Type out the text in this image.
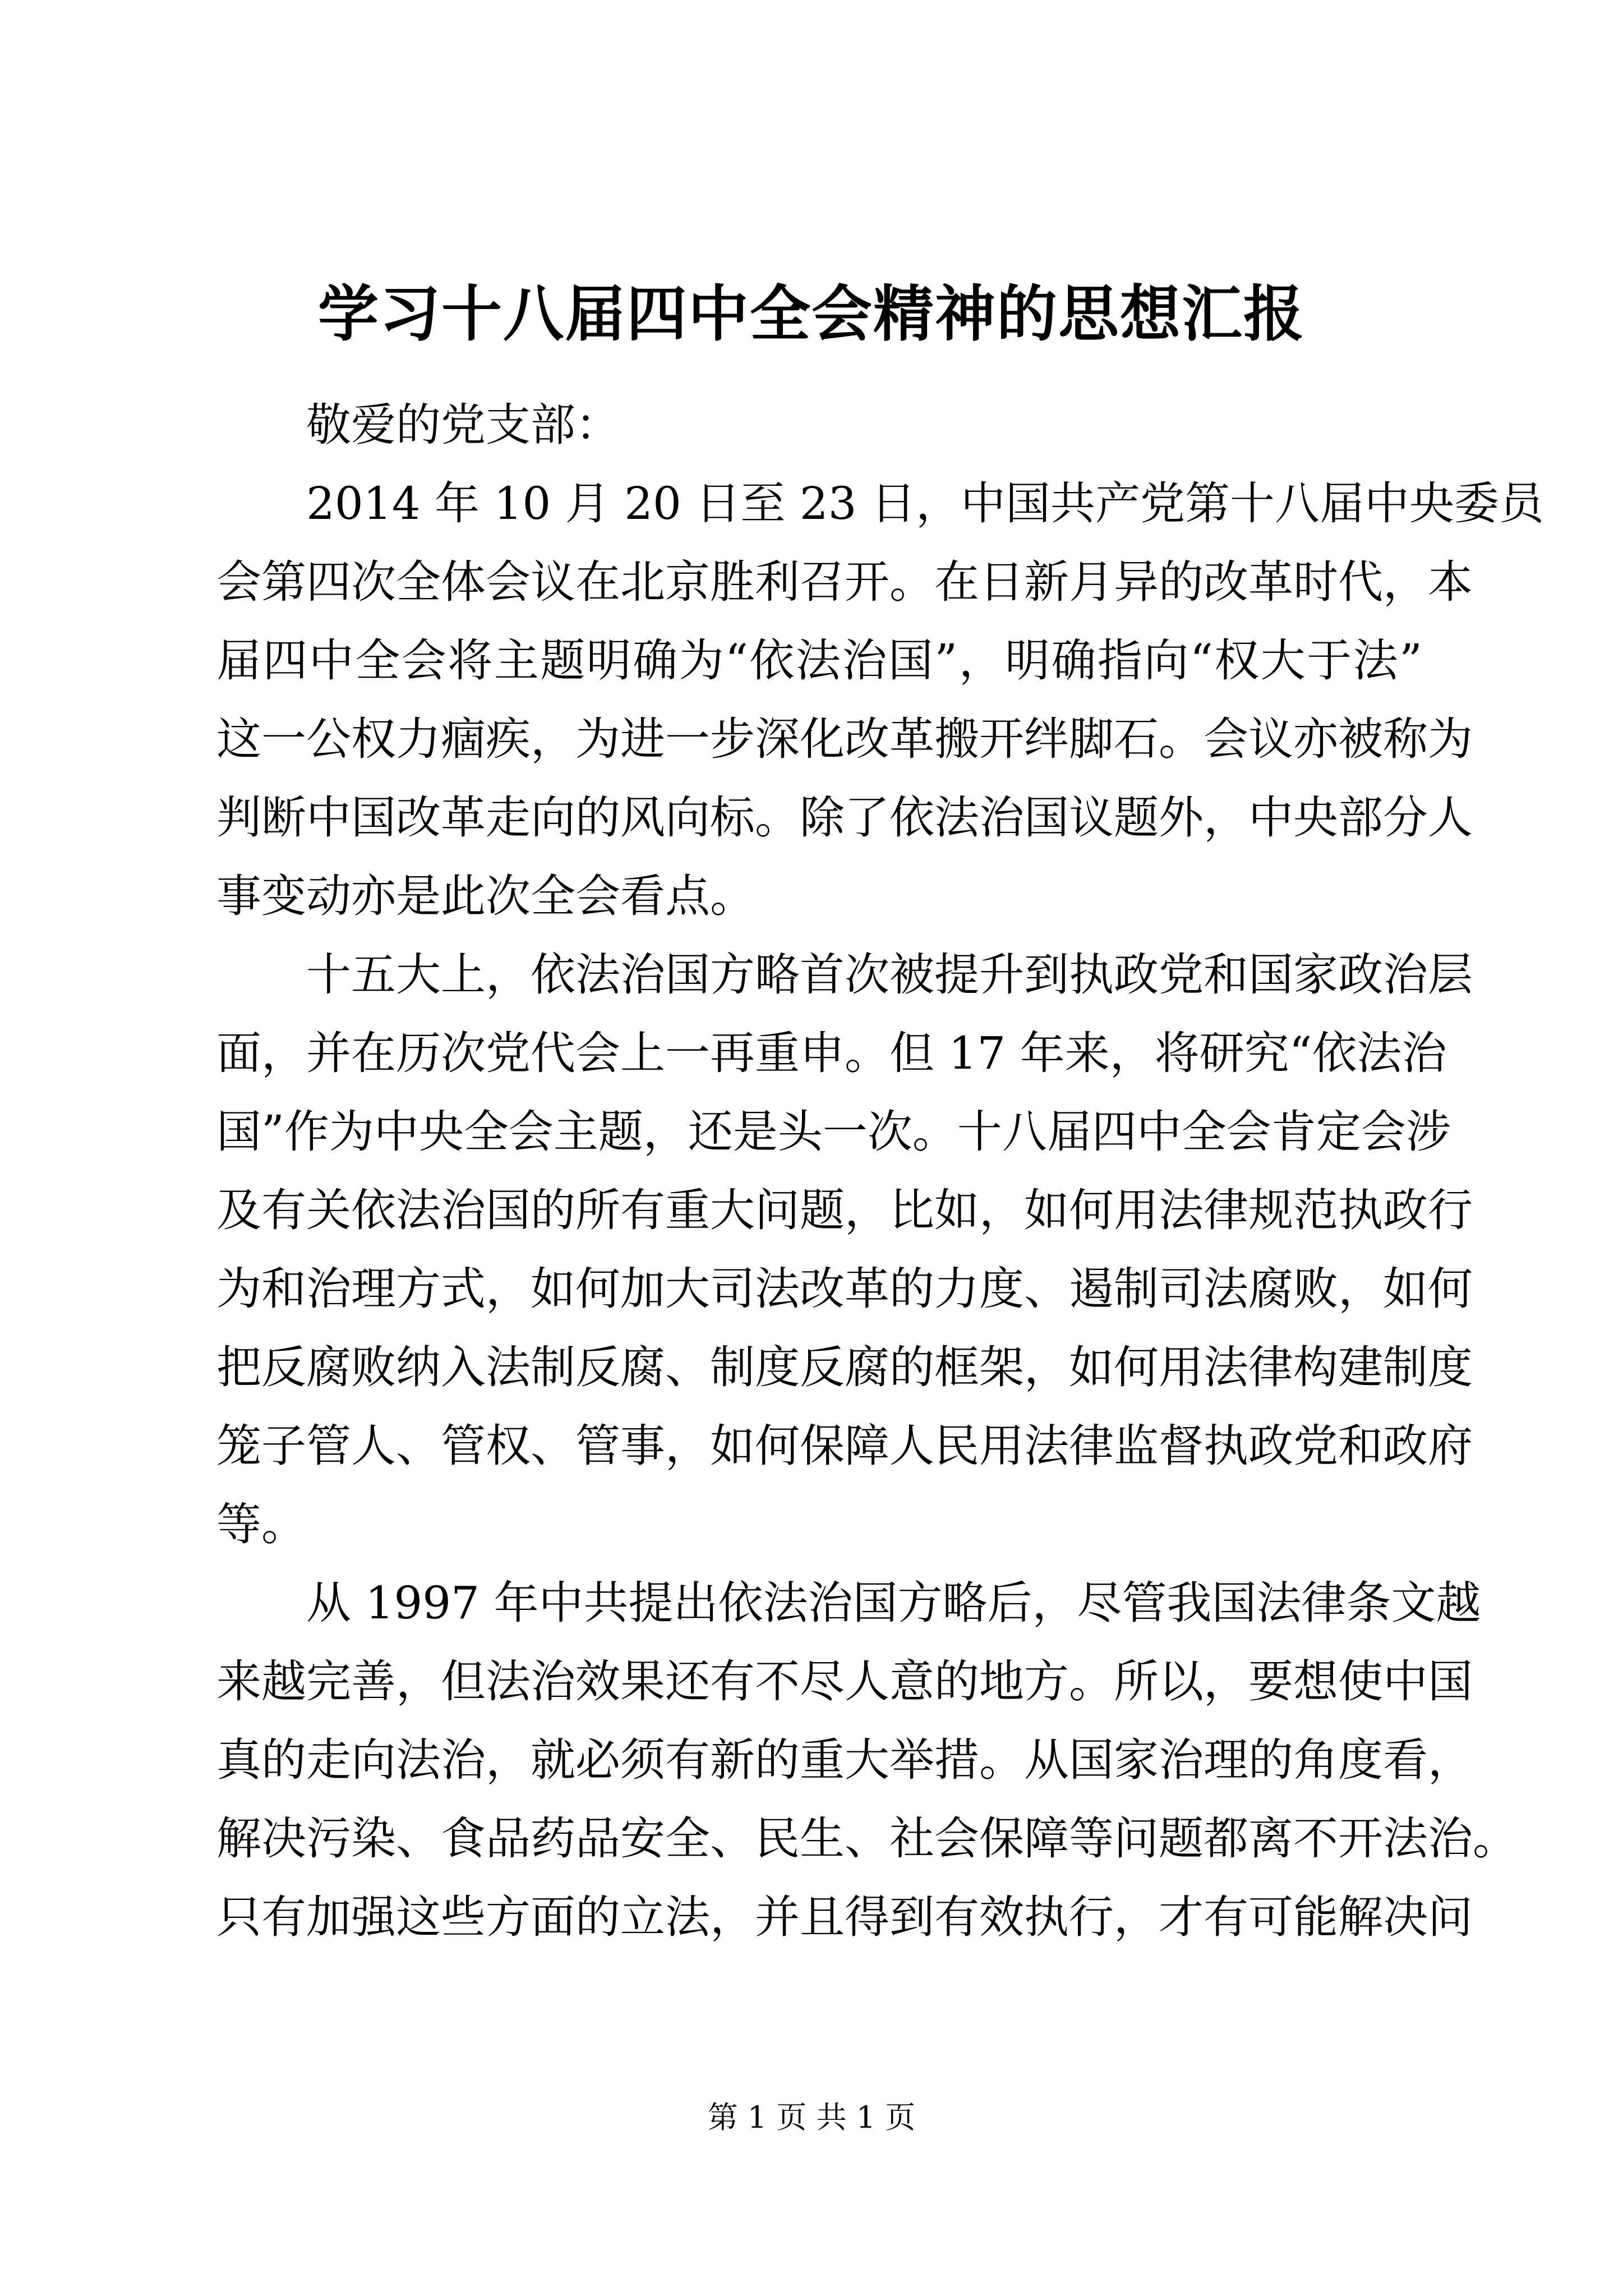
学习十八届四中全会精神的思想汇报
敬爱的党支部：
2014 年 10 月 20 日至 23 日，中国共产党第十八届中央委员
会第四次全体会议在北京胜利召开。在日新月异的改革时代，本
届四中全会将主题明确为“依法治国”，明确指向“权大于法”
这一公权力痼疾，为进一步深化改革搬开绊脚石。会议亦被称为
判断中国改革走向的风向标。除了依法治国议题外，中央部分人
事变动亦是此次全会看点。
十五大上，依法治国方略首次被提升到执政党和国家政治层
面，并在历次党代会上一再重申。但 17 年来，将研究“依法治
国”作为中央全会主题，还是头一次。十八届四中全会肯定会涉
及有关依法治国的所有重大问题，比如，如何用法律规范执政行
为和治理方式，如何加大司法改革的力度、遏制司法腐败，如何
把反腐败纳入法制反腐、制度反腐的框架，如何用法律构建制度
笼子管人、管权、管事，如何保障人民用法律监督执政党和政府
等。
从 1997 年中共提出依法治国方略后，尽管我国法律条文越
来越完善，但法治效果还有不尽人意的地方。所以，要想使中国
真的走向法治，就必须有新的重大举措。从国家治理的角度看，
解决污染、食品药品安全、民生、社会保障等问题都离不开法治。
只有加强这些方面的立法，并且得到有效执行，才有可能解决问
第 1 页 共 1 页
